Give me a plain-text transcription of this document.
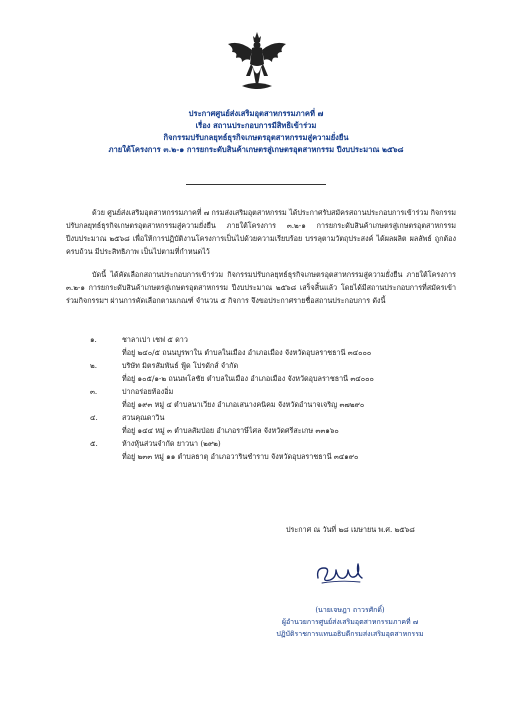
ประกาศศูนย์ส่งเสริมอุตสาหกรรมภาคที่ ๗
เรื่อง สถานประกอบการมีสิทธิเข้าร่วม
กิจกรรมปรับกลยุทธ์ธุรกิจเกษตรอุตสาหกรรมสู่ความยั่งยืน
ภายใต้โครงการ ๓.๒-๑ การยกระดับสินค้าเกษตรสู่เกษตรอุตสาหกรรม ปีงบประมาณ ๒๕๖๘
ด้วย ศูนย์ส่งเสริมอุตสาหกรรมภาคที่ ๗ กรมส่งเสริมอุตสาหกรรม ได้ประกาศรับสมัครสถานประกอบการเข้าร่วม กิจกรรมปรับกลยุทธ์ธุรกิจเกษตรอุตสาหกรรมสู่ความยั่งยืน ภายใต้โครงการ ๓.๒-๑ การยกระดับสินค้าเกษตรสู่เกษตรอุตสาหกรรม ปีงบประมาณ ๒๕๖๘ เพื่อให้การปฏิบัติงานโครงการเป็นไปด้วยความเรียบร้อย บรรลุตามวัตถุประสงค์ ได้ผลผลิต ผลลัพธ์ ถูกต้อง ครบถ้วน มีประสิทธิภาพ เป็นไปตามที่กำหนดไว้
บัดนี้ ได้คัดเลือกสถานประกอบการเข้าร่วม กิจกรรมปรับกลยุทธ์ธุรกิจเกษตรอุตสาหกรรมสู่ความยั่งยืน ภายใต้โครงการ ๓.๒-๑ การยกระดับสินค้าเกษตรสู่เกษตรอุตสาหกรรม ปีงบประมาณ ๒๕๖๘ เสร็จสิ้นแล้ว โดยได้มีสถานประกอบการที่สมัครเข้าร่วมกิจกรรมฯ ผ่านการคัดเลือกตามเกณฑ์ จำนวน ๕ กิจการ จึงขอประกาศรายชื่อสถานประกอบการ ดังนี้
๑.	ชาลาเปา เชฟ ๕ ดาว
ที่อยู่ ๒๔๐/๕ ถนนบูรพาใน ตำบลในเมือง อำเภอเมือง จังหวัดอุบลราชธานี ๓๔๐๐๐
๒.	บริษัท มิตรสัมพันธ์ ฟู้ด โปรดักส์ จำกัด
ที่อยู่ ๑๐๕/๑-๒ ถนนพโลชัย ตำบลในเมือง อำเภอเมือง จังหวัดอุบลราชธานี ๓๔๐๐๐
๓.	ปากอร่อยท้องอิ่ม
ที่อยู่ ๑๙๓ หมู่ ๔ ตำบลนาเวียง อำเภอเสนางคนิคม จังหวัดอำนาจเจริญ ๓๗๒๙๐
๔.	สวนคุณดาวิน
ที่อยู่ ๑๔๔ หมู่ ๓ ตำบลสัมป่อย อำเภอราษีไศล จังหวัดศรีสะเกษ ๓๓๑๖๐
๕.	ห้างหุ้นส่วนจำกัด ยาวนา (๒๙๒)
ที่อยู่ ๒๓๓ หมู่ ๑๑ ตำบลธาตุ อำเภอวารินชำราบ จังหวัดอุบลราชธานี ๓๔๑๙๐
ประกาศ ณ วันที่ ๒๘ เมษายน พ.ศ. ๒๕๖๘
(นายเจษฎา ถาวรศักดิ์)
ผู้อำนวยการศูนย์ส่งเสริมอุตสาหกรรมภาคที่ ๗
ปฏิบัติราชการแทนอธิบดีกรมส่งเสริมอุตสาหกรรม
